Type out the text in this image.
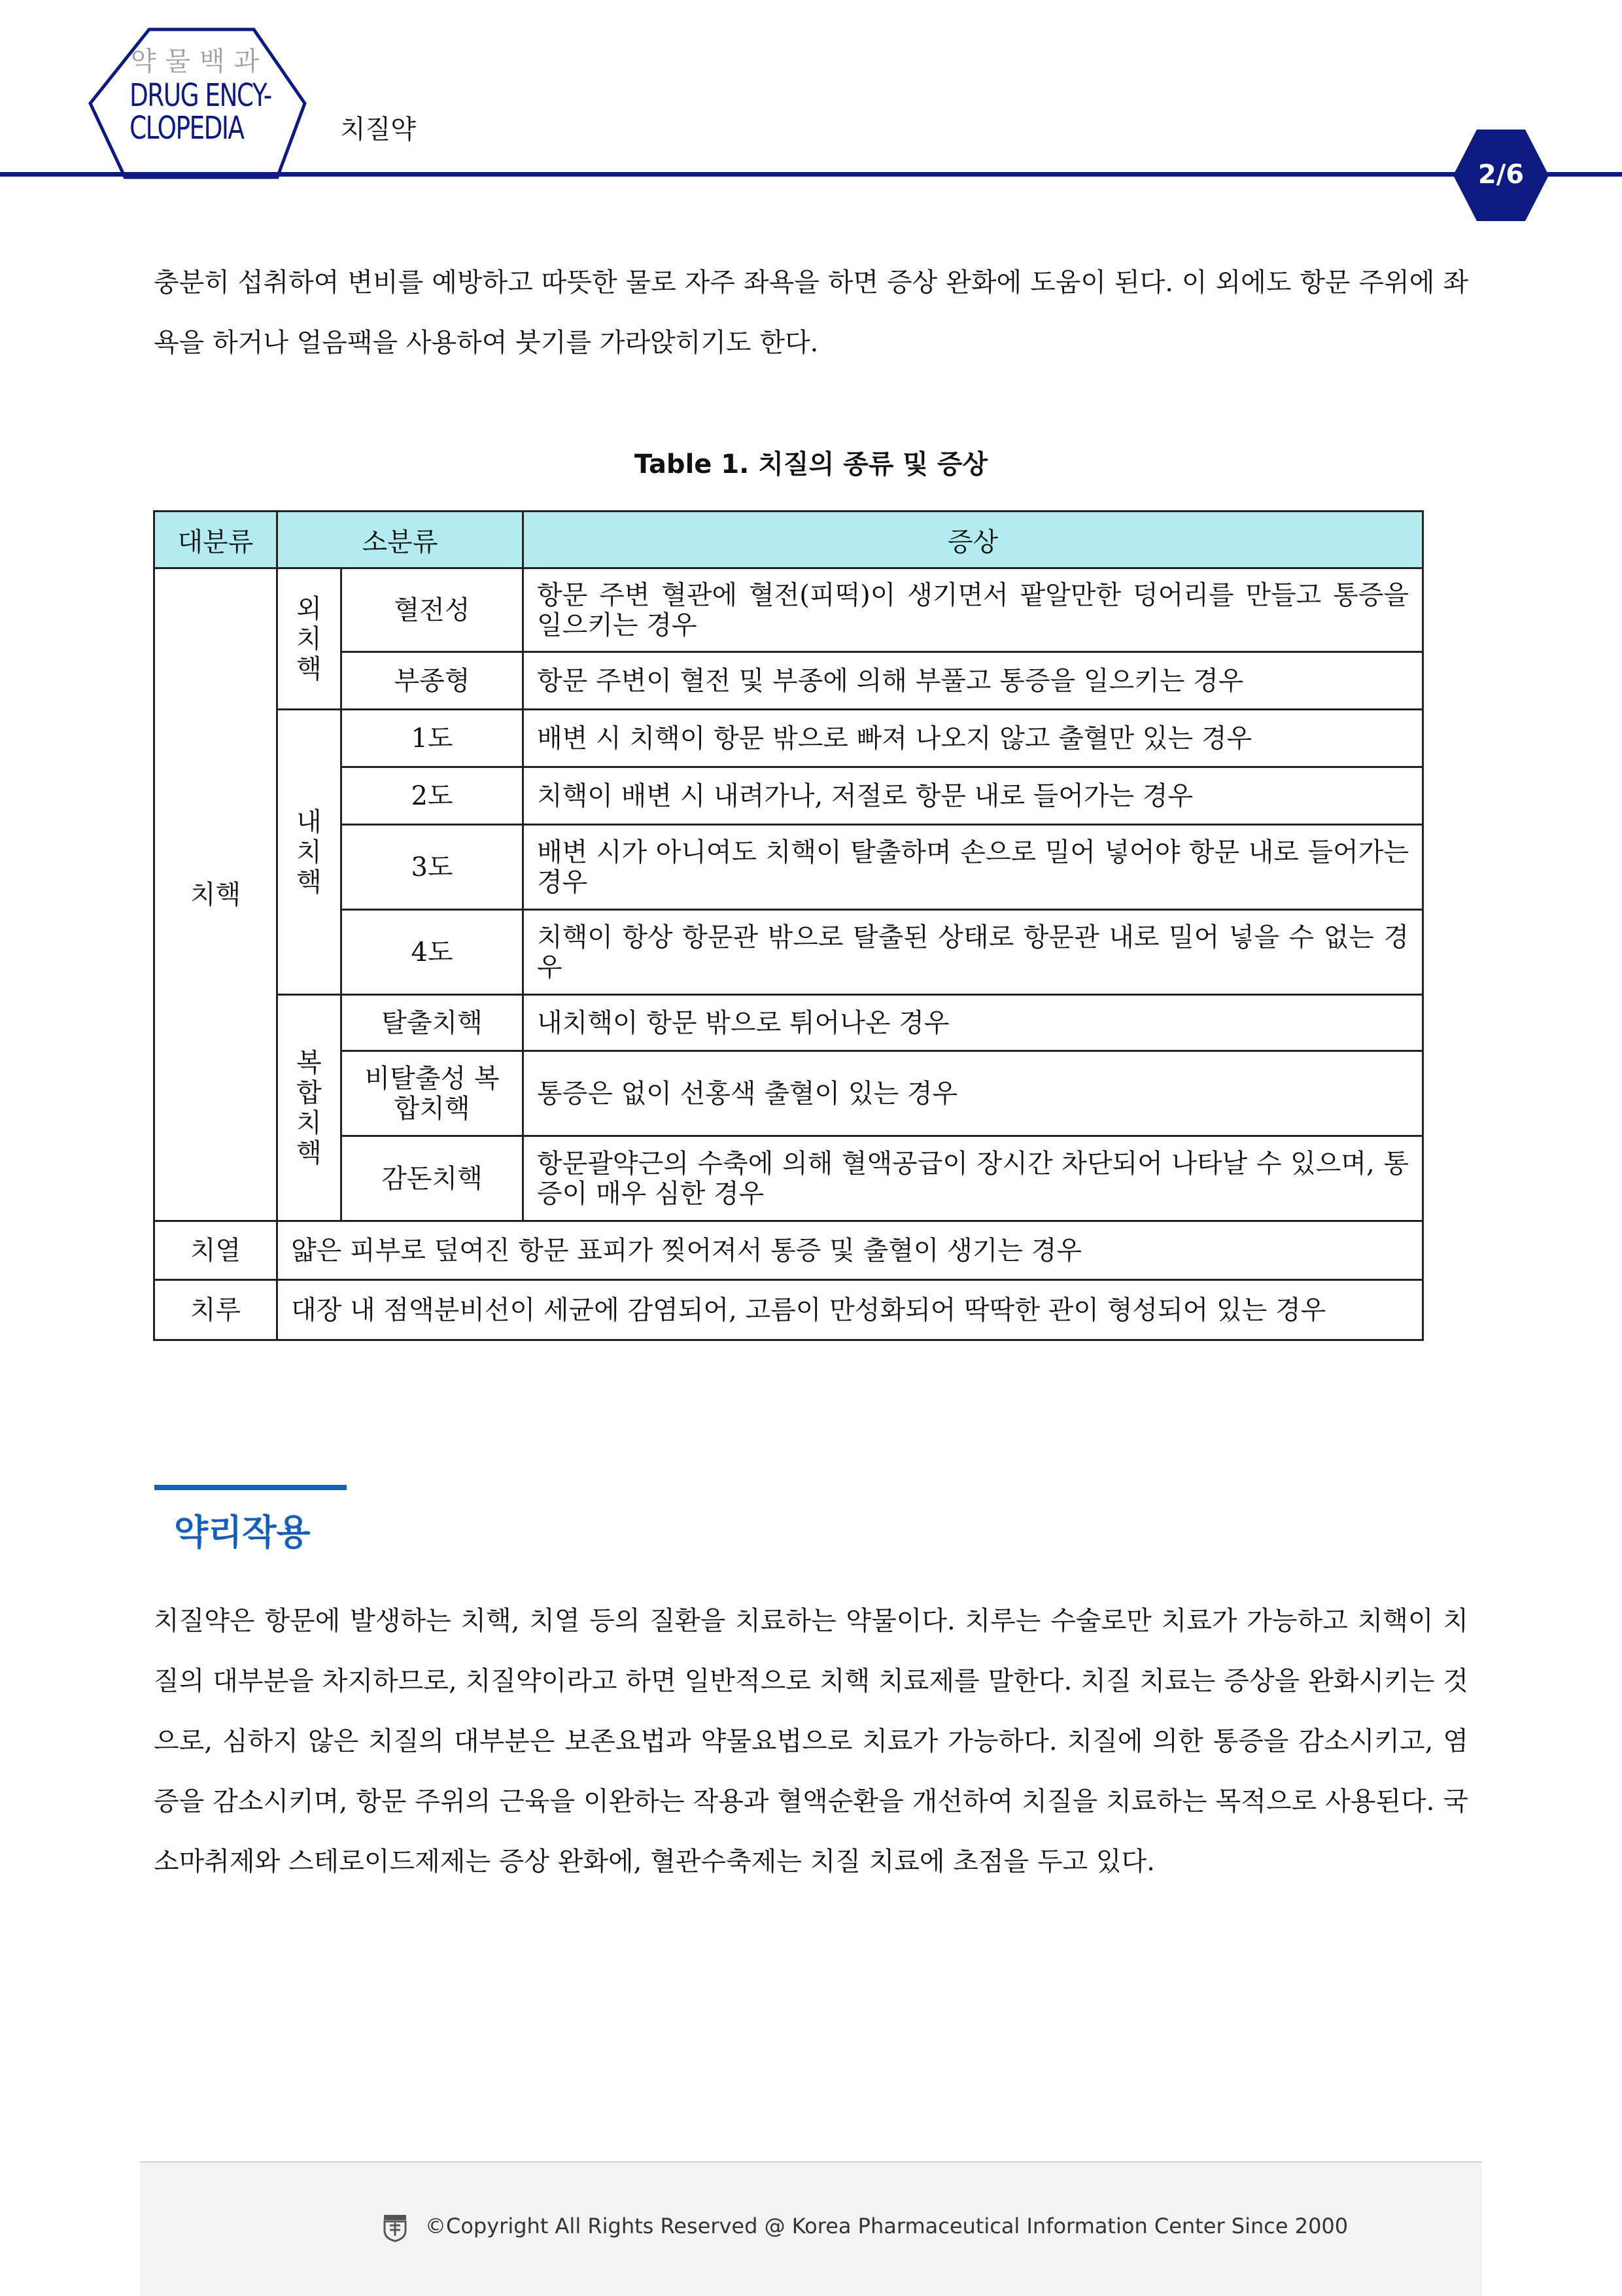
약물백과
DRUG ENCY-
CLOPEDIA	치질약
2/6

충분히 섭취하여 변비를 예방하고 따뜻한 물로 자주 좌욕을 하면 증상 완화에 도움이 된다. 이 외에도 항문 주위에 좌욕을 하거나 얼음팩을 사용하여 붓기를 가라앉히기도 한다.

Table 1. 치질의 종류 및 증상
대분류	소분류		증상
치핵	외치핵	혈전성	항문 주변 혈관에 혈전(피떡)이 생기면서 팥알만한 덩어리를 만들고 통증을 일으키는 경우
		부종형	항문 주변이 혈전 및 부종에 의해 부풀고 통증을 일으키는 경우
	내치핵	1도	배변 시 치핵이 항문 밖으로 빠져 나오지 않고 출혈만 있는 경우
		2도	치핵이 배변 시 내려가나, 저절로 항문 내로 들어가는 경우
		3도	배변 시가 아니여도 치핵이 탈출하며 손으로 밀어 넣어야 항문 내로 들어가는 경우
		4도	치핵이 항상 항문관 밖으로 탈출된 상태로 항문관 내로 밀어 넣을 수 없는 경우
	복합치핵	탈출치핵	내치핵이 항문 밖으로 튀어나온 경우
		비탈출성 복합치핵	통증은 없이 선홍색 출혈이 있는 경우
		감돈치핵	항문괄약근의 수축에 의해 혈액공급이 장시간 차단되어 나타날 수 있으며, 통증이 매우 심한 경우
치열	얇은 피부로 덮여진 항문 표피가 찢어져서 통증 및 출혈이 생기는 경우		
치루	대장 내 점액분비선이 세균에 감염되어, 고름이 만성화되어 딱딱한 관이 형성되어 있는 경우		
약리작용

치질약은 항문에 발생하는 치핵, 치열 등의 질환을 치료하는 약물이다. 치루는 수술로만 치료가 가능하고 치핵이 치질의 대부분을 차지하므로, 치질약이라고 하면 일반적으로 치핵 치료제를 말한다. 치질 치료는 증상을 완화시키는 것으로, 심하지 않은 치질의 대부분은 보존요법과 약물요법으로 치료가 가능하다. 치질에 의한 통증을 감소시키고, 염증을 감소시키며, 항문 주위의 근육을 이완하는 작용과 혈액순환을 개선하여 치질을 치료하는 목적으로 사용된다. 국소마취제와 스테로이드제제는 증상 완화에, 혈관수축제는 치질 치료에 초점을 두고 있다.

©Copyright All Rights Reserved @ Korea Pharmaceutical Information Center Since 2000
